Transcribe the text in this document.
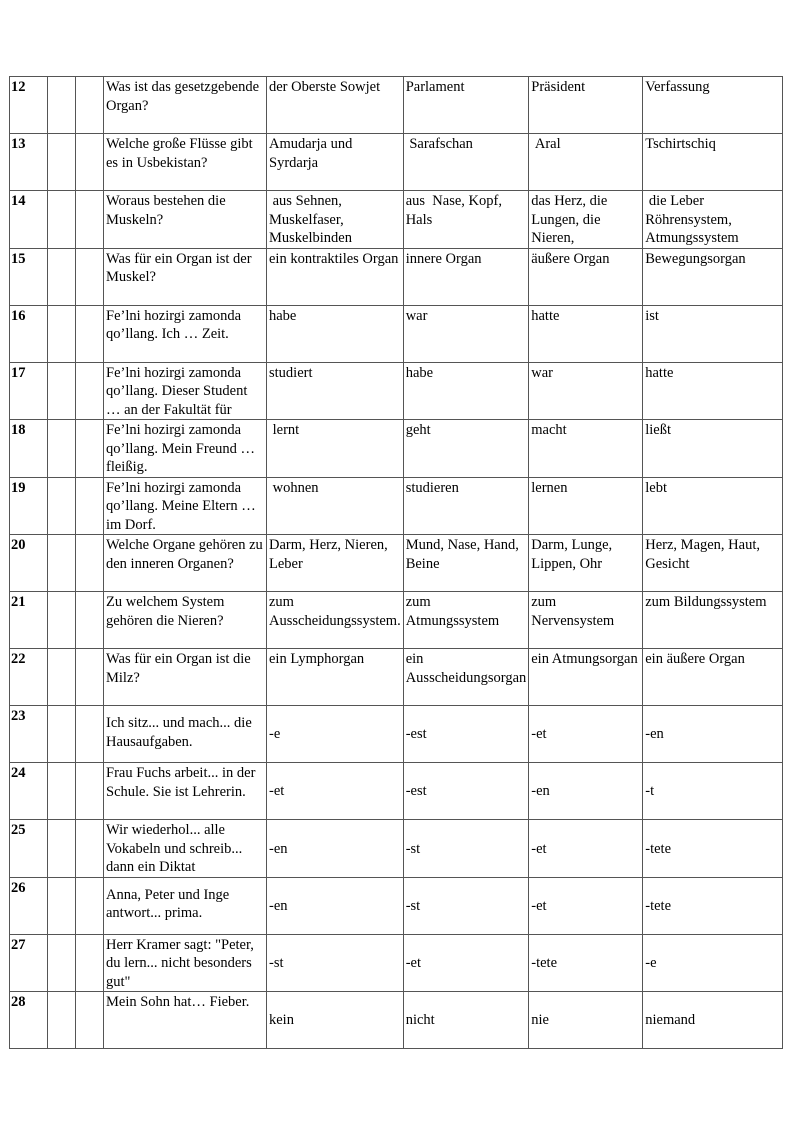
12			Was ist das gesetzgebende Organ?	der Oberste Sowjet	Parlament	Präsident	Verfassung
13			Welche große Flüsse gibt es in Usbekistan?	Amudarja und Syrdarja	Sarafschan	Aral	Tschirtschiq
14			Woraus bestehen die Muskeln?	aus Sehnen, Muskelfaser, Muskelbinden	aus  Nase, Kopf, Hals	das Herz, die Lungen, die Nieren,	die Leber Röhrensystem, Atmungssystem
15			Was für ein Organ ist der Muskel?	ein kontraktiles Organ	innere Organ	äußere Organ	Bewegungsorgan
16			Fe’lni hozirgi zamonda qo’llang. Ich … Zeit.	habe	war	hatte	ist
17			Fe’lni hozirgi zamonda qo’llang. Dieser Student … an der Fakultät für	studiert	habe	war	hatte
18			Fe’lni hozirgi zamonda qo’llang. Mein Freund … fleißig.	lernt	geht	macht	ließt
19			Fe’lni hozirgi zamonda qo’llang. Meine Eltern … im Dorf.	wohnen	studieren	lernen	lebt
20			Welche Organe gehören zu den inneren Organen?	Darm, Herz, Nieren, Leber	Mund, Nase, Hand, Beine	Darm, Lunge, Lippen, Ohr	Herz, Magen, Haut, Gesicht
21			Zu welchem System gehören die Nieren?	zum Ausscheidungssystem.	zum Atmungssystem	zum Nervensystem	zum Bildungssystem
22			Was für ein Organ ist die Milz?	ein Lymphorgan	ein Ausscheidungsorgan	ein Atmungsorgan	ein äußere Organ
23			Ich sitz... und mach... die Hausaufgaben.	-e	-est	-et	-en
24			Frau Fuchs arbeit... in der Schule. Sie ist Lehrerin.	-et	-est	-en	-t
25			Wir wiederhol... alle Vokabeln und schreib... dann ein Diktat	-en	-st	-et	-tete
26			Anna, Peter und Inge antwort... prima.	-en	-st	-et	-tete
27			Herr Kramer sagt: "Peter, du lern... nicht besonders gut"	-st	-et	-tete	-e
28			Mein Sohn hat… Fieber.	kein	nicht	nie	niemand
